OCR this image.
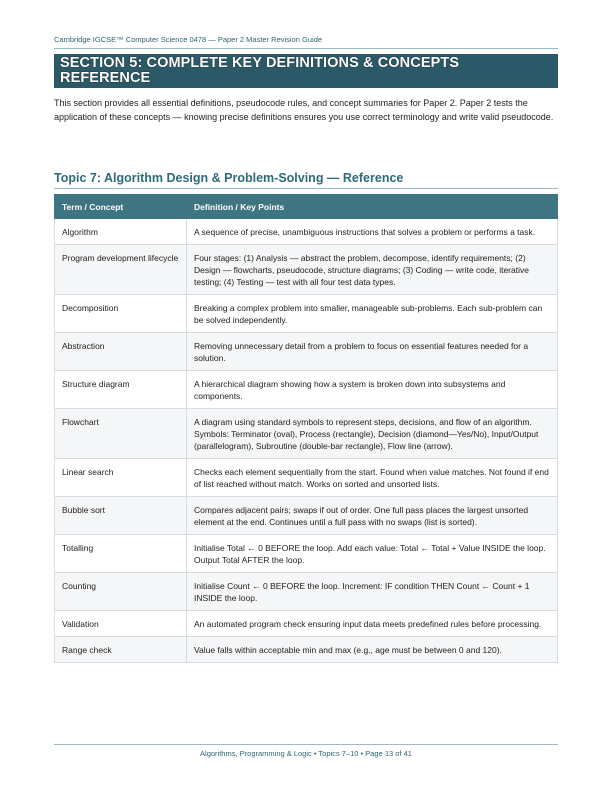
Cambridge IGCSE™ Computer Science 0478 — Paper 2 Master Revision Guide
SECTION 5: COMPLETE KEY DEFINITIONS & CONCEPTS REFERENCE

This section provides all essential definitions, pseudocode rules, and concept summaries for Paper 2. Paper 2 tests the application of these concepts — knowing precise definitions ensures you use correct terminology and write valid pseudocode.

Topic 7: Algorithm Design & Problem-Solving — Reference
Term / Concept	Definition / Key Points
Algorithm	A sequence of precise, unambiguous instructions that solves a problem or performs a task.
Program development lifecycle	Four stages: (1) Analysis — abstract the problem, decompose, identify requirements; (2) Design — flowcharts, pseudocode, structure diagrams; (3) Coding — write code, iterative testing; (4) Testing — test with all four test data types.
Decomposition	Breaking a complex problem into smaller, manageable sub-problems. Each sub-problem can be solved independently.
Abstraction	Removing unnecessary detail from a problem to focus on essential features needed for a solution.
Structure diagram	A hierarchical diagram showing how a system is broken down into subsystems and components.
Flowchart	A diagram using standard symbols to represent steps, decisions, and flow of an algorithm. Symbols: Terminator (oval), Process (rectangle), Decision (diamond—Yes/No), Input/Output (parallelogram), Subroutine (double-bar rectangle), Flow line (arrow).
Linear search	Checks each element sequentially from the start. Found when value matches. Not found if end of list reached without match. Works on sorted and unsorted lists.
Bubble sort	Compares adjacent pairs; swaps if out of order. One full pass places the largest unsorted element at the end. Continues until a full pass with no swaps (list is sorted).
Totalling	Initialise Total ← 0 BEFORE the loop. Add each value: Total ← Total + Value INSIDE the loop. Output Total AFTER the loop.
Counting	Initialise Count ← 0 BEFORE the loop. Increment: IF condition THEN Count ← Count + 1 INSIDE the loop.
Validation	An automated program check ensuring input data meets predefined rules before processing.
Range check	Value falls within acceptable min and max (e.g., age must be between 0 and 120).
Algorithms, Programming & Logic • Topics 7–10 • Page 13 of 41
